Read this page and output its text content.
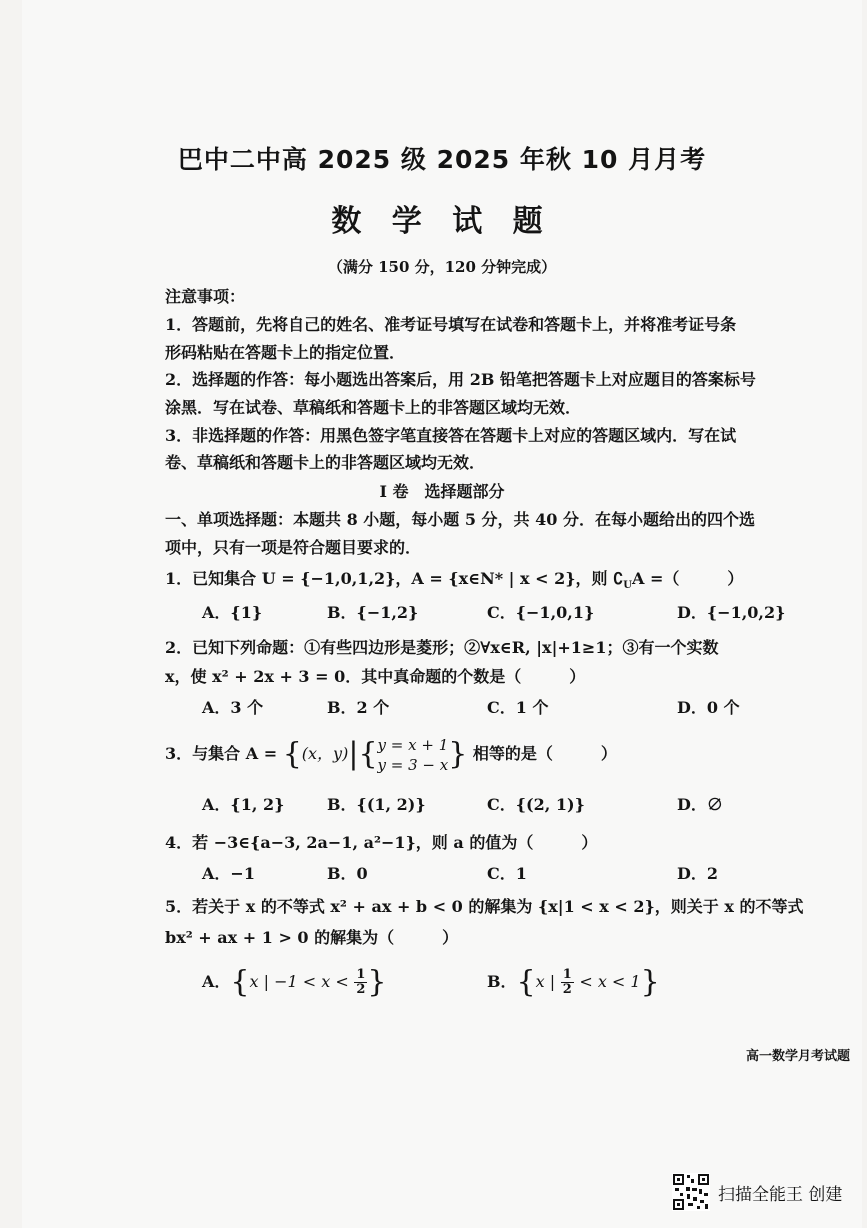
巴中二中高 2025 级 2025 年秋 10 月月考
数 学 试 题
（满分 150 分，120 分钟完成）
注意事项：
1．答题前，先将自己的姓名、准考证号填写在试卷和答题卡上，并将准考证号条
形码粘贴在答题卡上的指定位置．
2．选择题的作答：每小题选出答案后，用 2B 铅笔把答题卡上对应题目的答案标号
涂黑．写在试卷、草稿纸和答题卡上的非答题区域均无效．
3．非选择题的作答：用黑色签字笔直接答在答题卡上对应的答题区域内．写在试
卷、草稿纸和答题卡上的非答题区域均无效．
I 卷　选择题部分
一、单项选择题：本题共 8 小题，每小题 5 分，共 40 分．在每小题给出的四个选
项中，只有一项是符合题目要求的．
1．已知集合 U = {−1,0,1,2}，A = {x∈N* | x < 2}，则 $∁_UA$ =（　　　）
A．{1}	B．{−1,2}	C．{−1,0,1}	D．{−1,0,2}
2．已知下列命题：①有些四边形是菱形；②∀x∈R, |x|+1≥1；③有一个实数
x，使 x² + 2x + 3 = 0．其中真命题的个数是（　　　）
A．3 个	B．2 个	C．1 个	D．0 个
3．与集合 A = {(x，y)|{ y = x + 1
y = 3 − x } 相等的是（　　　）
A．{1, 2}	B．{(1, 2)}	C．{(2, 1)}	D．∅
4．若 −3∈{a−3, 2a−1, a²−1}，则 a 的值为（　　　）
A．−1	B．0	C．1	D．2
5．若关于 x 的不等式 x² + ax + b < 0 的解集为 {x|1 < x < 2}，则关于 x 的不等式
bx² + ax + 1 > 0 的解集为（　　　）
A．{x | $-1 < x < \frac{1}{2}$ }	B．{x | $\frac{1}{2} < x < 1$}
高一数学月考试题
扫描全能王 创建
